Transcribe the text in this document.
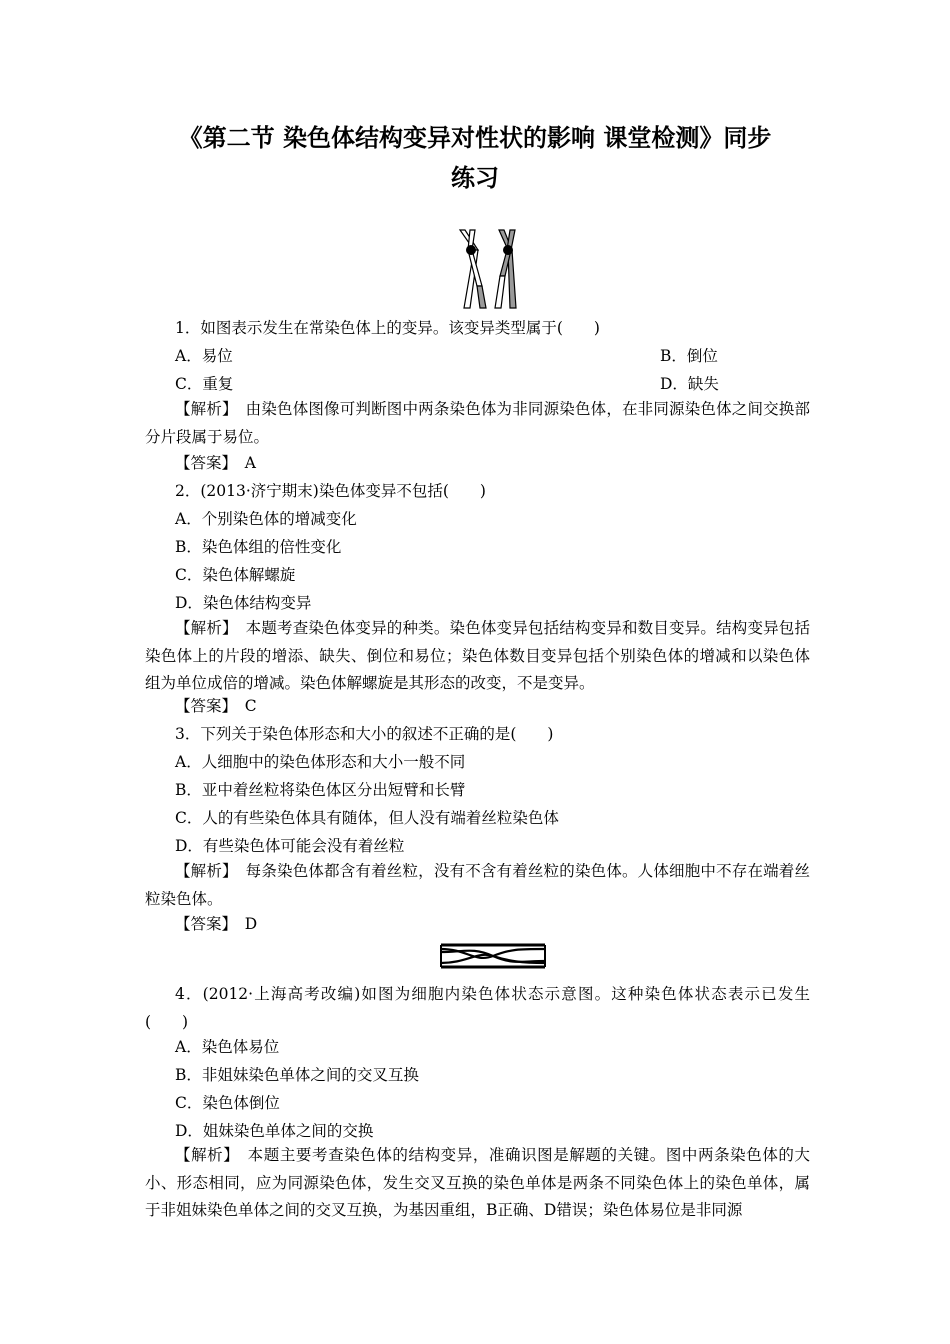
《第二节 染色体结构变异对性状的影响 课堂检测》同步
练习
1．如图表示发生在常染色体上的变异。该变异类型属于(　　)
A．易位	B．倒位
C．重复	D．缺失
【解析】　由染色体图像可判断图中两条染色体为非同源染色体，在非同源染色体之间交换部分片段属于易位。
【答案】　A
2．(2013·济宁期末)染色体变异不包括(　　)
A．个别染色体的增减变化
B．染色体组的倍性变化
C．染色体解螺旋
D．染色体结构变异
【解析】　本题考查染色体变异的种类。染色体变异包括结构变异和数目变异。结构变异包括染色体上的片段的增添、缺失、倒位和易位；染色体数目变异包括个别染色体的增减和以染色体组为单位成倍的增减。染色体解螺旋是其形态的改变，不是变异。
【答案】　C
3．下列关于染色体形态和大小的叙述不正确的是(　　)
A．人细胞中的染色体形态和大小一般不同
B．亚中着丝粒将染色体区分出短臂和长臂
C．人的有些染色体具有随体，但人没有端着丝粒染色体
D．有些染色体可能会没有着丝粒
【解析】　每条染色体都含有着丝粒，没有不含有着丝粒的染色体。人体细胞中不存在端着丝粒染色体。
【答案】　D
4．(2012·上海高考改编)如图为细胞内染色体状态示意图。这种染色体状态表示已发生(　　)
A．染色体易位
B．非姐妹染色单体之间的交叉互换
C．染色体倒位
D．姐妹染色单体之间的交换
【解析】　本题主要考查染色体的结构变异，准确识图是解题的关键。图中两条染色体的大小、形态相同，应为同源染色体，发生交叉互换的染色单体是两条不同染色体上的染色单体，属于非姐妹染色单体之间的交叉互换，为基因重组，B正确、D错误；染色体易位是非同源
